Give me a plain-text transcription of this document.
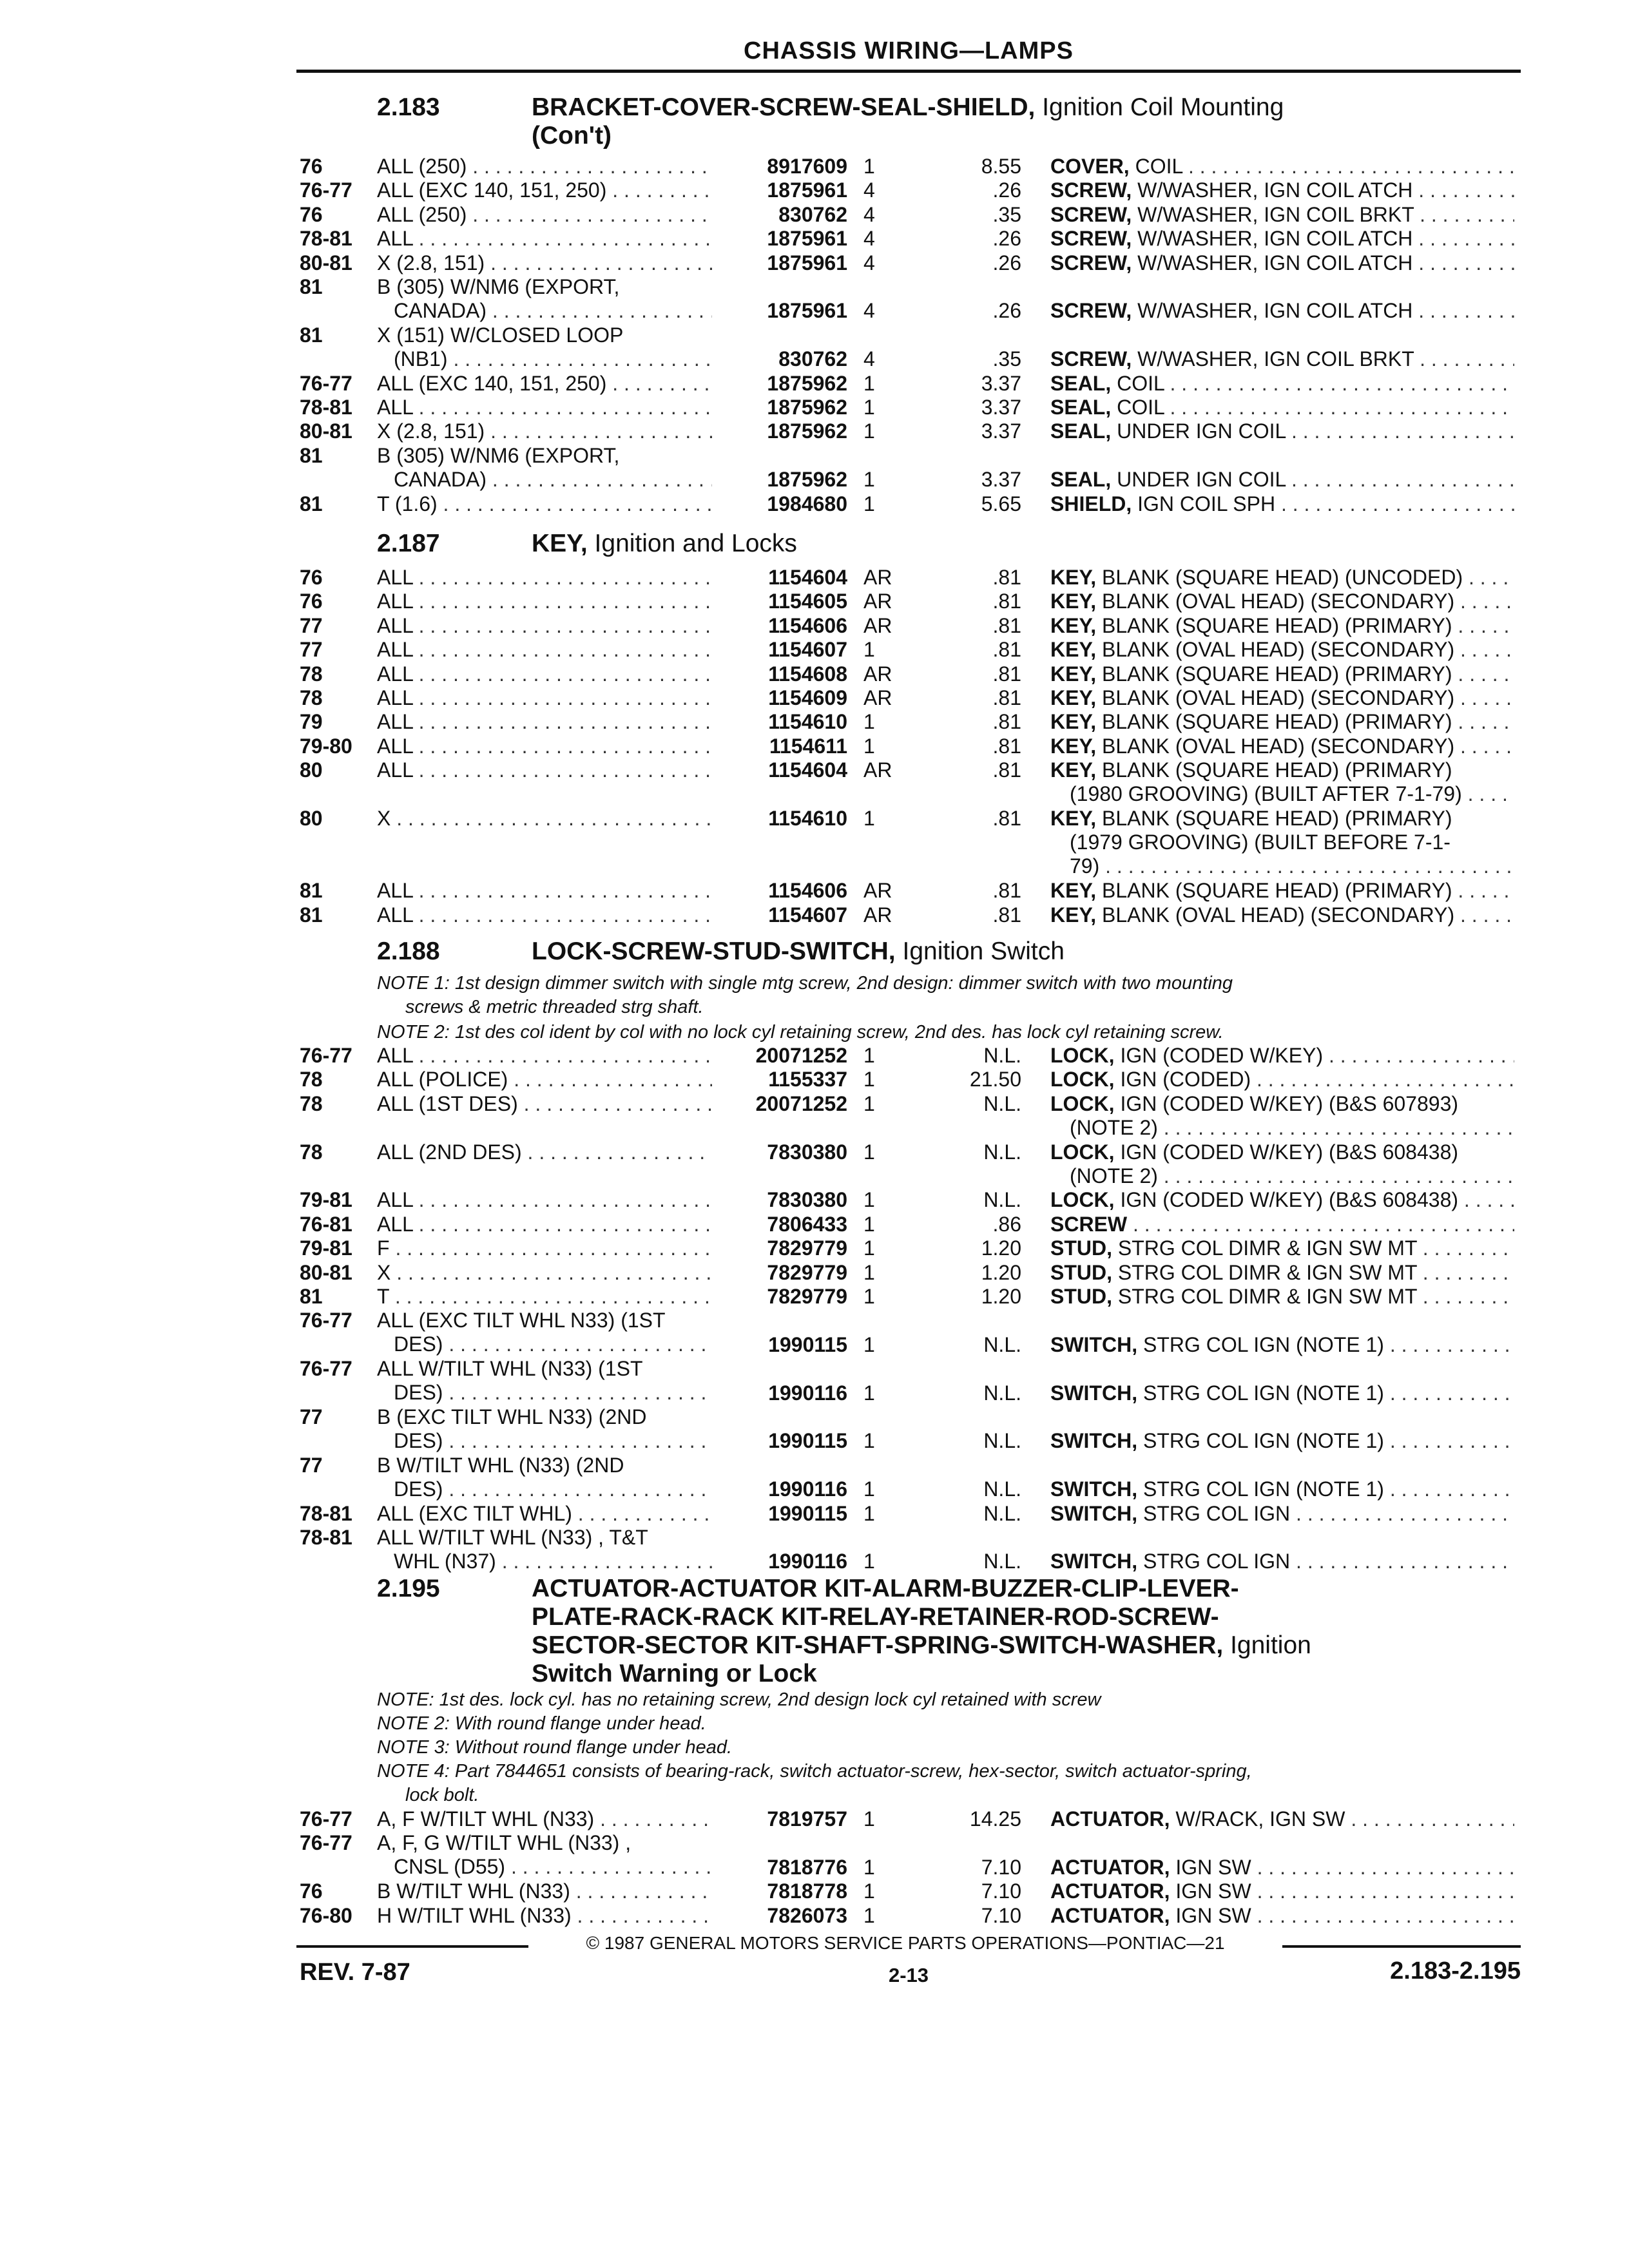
CHASSIS WIRING—LAMPS
2.183	BRACKET-COVER-SCREW-SEAL-SHIELD, Ignition Coil Mounting
(Con't)
76	ALL (250) . . .	8917609 1	8.55 COVER, COIL . . .
76-77 ALL (EXC 140, 151, 250) . . .	1875961 4	.26 SCREW, W/WASHER, IGN COIL ATCH . . .
76	ALL (250) . . .	830762 4	.35 SCREW, W/WASHER, IGN COIL BRKT . . .
78-81 ALL . . .	1875961 4	.26 SCREW, W/WASHER, IGN COIL ATCH . . .
80-81 X (2.8, 151) . . .	1875961 4	.26 SCREW, W/WASHER, IGN COIL ATCH . . .
81	B (305) W/NM6 (EXPORT,
CANADA) . . .	1875961 4	.26 SCREW, W/WASHER, IGN COIL ATCH . . .
81	X (151) W/CLOSED LOOP
(NB1) . . .	830762 4	.35 SCREW, W/WASHER, IGN COIL BRKT . . .
76-77 ALL (EXC 140, 151, 250) . . .	1875962 1	3.37 SEAL, COIL . . .
78-81 ALL . . .	1875962 1	3.37 SEAL, COIL . . .
80-81 X (2.8, 151) . . .	1875962 1	3.37 SEAL, UNDER IGN COIL . . .
81	B (305) W/NM6 (EXPORT,
CANADA) . . .	1875962 1	3.37 SEAL, UNDER IGN COIL . . .
81	T (1.6) . . .	1984680 1	5.65 SHIELD, IGN COIL SPH . . .
2.187	KEY, Ignition and Locks
76	ALL . . .	1154604 AR	.81 KEY, BLANK (SQUARE HEAD) (UNCODED) . . .
76	ALL . . .	1154605 AR	.81 KEY, BLANK (OVAL HEAD) (SECONDARY) . . .
77	ALL . . .	1154606 AR	.81 KEY, BLANK (SQUARE HEAD) (PRIMARY) . . .
77	ALL . . .	1154607 1	.81 KEY, BLANK (OVAL HEAD) (SECONDARY) . . .
78	ALL . . .	1154608 AR	.81 KEY, BLANK (SQUARE HEAD) (PRIMARY) . . .
78	ALL . . .	1154609 AR	.81 KEY, BLANK (OVAL HEAD) (SECONDARY) . . .
79	ALL . . .	1154610 1	.81 KEY, BLANK (SQUARE HEAD) (PRIMARY) . . .
79-80 ALL . . .	1154611 1	.81 KEY, BLANK (OVAL HEAD) (SECONDARY) . . .
80	ALL . . .	1154604 AR	.81 KEY, BLANK (SQUARE HEAD) (PRIMARY)
(1980 GROOVING) (BUILT AFTER 7-1-79) . . .
80	X . . .	1154610 1	.81 KEY, BLANK (SQUARE HEAD) (PRIMARY)
(1979 GROOVING) (BUILT BEFORE 7-1-
79) . . .
81	ALL . . .	1154606 AR	.81 KEY, BLANK (SQUARE HEAD) (PRIMARY) . . .
81	ALL . . .	1154607 AR	.81 KEY, BLANK (OVAL HEAD) (SECONDARY) . . .
2.188	LOCK-SCREW-STUD-SWITCH, Ignition Switch
NOTE 1: 1st design dimmer switch with single mtg screw, 2nd design: dimmer switch with two mounting
screws & metric threaded strg shaft.
NOTE 2: 1st des col ident by col with no lock cyl retaining screw, 2nd des. has lock cyl retaining screw.
76-77 ALL . . .	20071252 1	N.L. LOCK, IGN (CODED W/KEY) . . .
78	ALL (POLICE) . . .	1155337 1	21.50 LOCK, IGN (CODED) . . .
78	ALL (1ST DES) . . .	20071252 1	N.L. LOCK, IGN (CODED W/KEY) (B&S 607893)
(NOTE 2) . . .
78	ALL (2ND DES) . . .	7830380 1	N.L. LOCK, IGN (CODED W/KEY) (B&S 608438)
(NOTE 2) . . .
79-81 ALL . . .	7830380 1	N.L. LOCK, IGN (CODED W/KEY) (B&S 608438) . . .
76-81 ALL . . .	7806433 1	.86 SCREW . . .
79-81 F . . .	7829779 1	1.20 STUD, STRG COL DIMR & IGN SW MT . . .
80-81 X . . .	7829779 1	1.20 STUD, STRG COL DIMR & IGN SW MT . . .
81	T . . .	7829779 1	1.20 STUD, STRG COL DIMR & IGN SW MT . . .
76-77 ALL (EXC TILT WHL N33) (1ST
DES) . . .	1990115 1	N.L. SWITCH, STRG COL IGN (NOTE 1) . . .
76-77 ALL W/TILT WHL (N33) (1ST
DES) . . .	1990116 1	N.L. SWITCH, STRG COL IGN (NOTE 1) . . .
77	B (EXC TILT WHL N33) (2ND
DES) . . .	1990115 1	N.L. SWITCH, STRG COL IGN (NOTE 1) . . .
77	B W/TILT WHL (N33) (2ND
DES) . . .	1990116 1	N.L. SWITCH, STRG COL IGN (NOTE 1) . . .
78-81 ALL (EXC TILT WHL) . . .	1990115 1	N.L. SWITCH, STRG COL IGN . . .
78-81 ALL W/TILT WHL (N33) , T&T
WHL (N37) . . .	1990116 1	N.L. SWITCH, STRG COL IGN . . .
2.195	ACTUATOR-ACTUATOR KIT-ALARM-BUZZER-CLIP-LEVER-
PLATE-RACK-RACK KIT-RELAY-RETAINER-ROD-SCREW-
SECTOR-SECTOR KIT-SHAFT-SPRING-SWITCH-WASHER, Ignition
Switch Warning or Lock
NOTE: 1st des. lock cyl. has no retaining screw, 2nd design lock cyl retained with screw
NOTE 2: With round flange under head.
NOTE 3: Without round flange under head.
NOTE 4: Part 7844651 consists of bearing-rack, switch actuator-screw, hex-sector, switch actuator-spring,
lock bolt.
76-77 A, F W/TILT WHL (N33) . . .	7819757 1	14.25 ACTUATOR, W/RACK, IGN SW . . .
76-77 A, F, G W/TILT WHL (N33) ,
CNSL (D55) . . .	7818776 1	7.10 ACTUATOR, IGN SW . . .
76	B W/TILT WHL (N33) . . .	7818778 1	7.10 ACTUATOR, IGN SW . . .
76-80 H W/TILT WHL (N33) . . .	7826073 1	7.10 ACTUATOR, IGN SW . . .
© 1987 GENERAL MOTORS SERVICE PARTS OPERATIONS—PONTIAC—21
REV. 7-87	2-13	2.183-2.195
